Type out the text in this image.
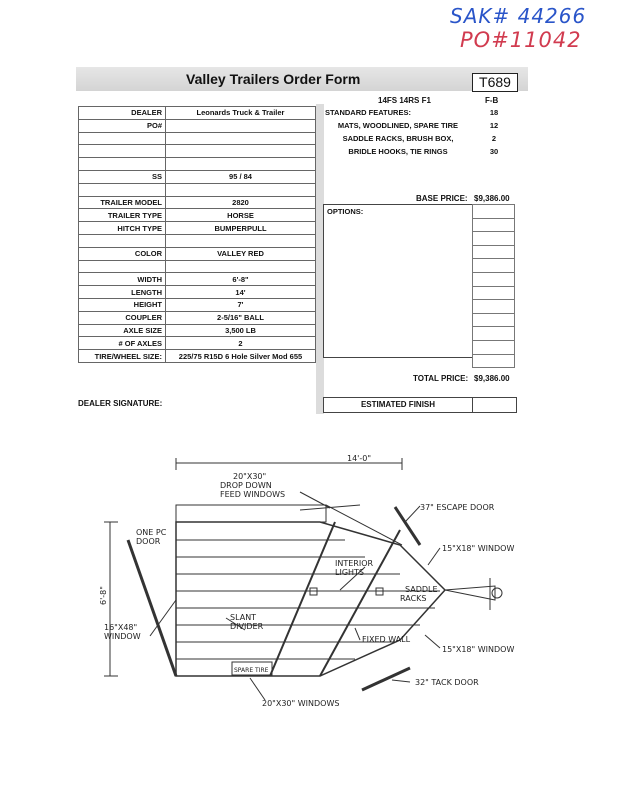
SAK# 44266
PO#11042
Valley Trailers Order Form	T689
14FS 14RS F1	F-B
DEALER	Leonards Truck & Trailer
PO#	

SS	95 / 84

TRAILER MODEL	2820
TRAILER TYPE	HORSE
HITCH TYPE	BUMPERPULL

COLOR	VALLEY RED

WIDTH	6'-8"
LENGTH	14'
HEIGHT	7'
COUPLER	2-5/16" BALL
AXLE SIZE	3,500 LB
# OF AXLES	2
TIRE/WHEEL SIZE:	225/75 R15D 6 Hole Silver Mod 655
STANDARD FEATURES:	18
MATS, WOODLINED, SPARE TIRE	12
SADDLE RACKS, BRUSH BOX,	2
BRIDLE HOOKS, TIE RINGS	30
BASE PRICE: $9,386.00
OPTIONS:
TOTAL PRICE: $9,386.00
DEALER SIGNATURE:	ESTIMATED FINISH
14'-0"
6'-8"
20"X30"
DROP DOWN
FEED WINDOWS
37" ESCAPE DOOR
ONE PC
DOOR
15"X18" WINDOW
INTERIOR
LIGHTS
SADDLE
RACKS
SLANT
DIVIDER
FIXED WALL
16"X48"
WINDOW
15"X18" WINDOW
SPARE TIRE
32" TACK DOOR
20"X30" WINDOWS
